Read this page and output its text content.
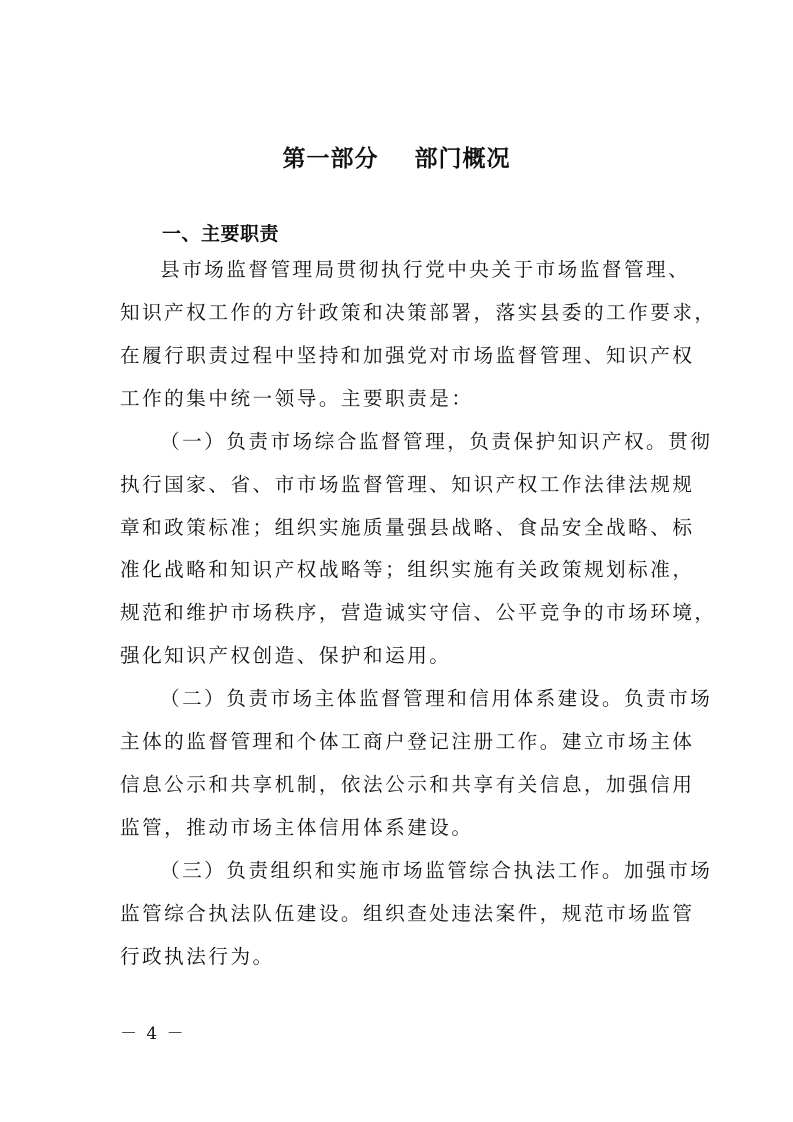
第一部分    部门概况
一、主要职责
县市场监督管理局贯彻执行党中央关于市场监督管理、
知识产权工作的方针政策和决策部署，落实县委的工作要求，
在履行职责过程中坚持和加强党对市场监督管理、知识产权
工作的集中统一领导。主要职责是：
（一）负责市场综合监督管理，负责保护知识产权。贯彻
执行国家、省、市市场监督管理、知识产权工作法律法规规
章和政策标准；组织实施质量强县战略、食品安全战略、标
准化战略和知识产权战略等；组织实施有关政策规划标准，
规范和维护市场秩序，营造诚实守信、公平竞争的市场环境，
强化知识产权创造、保护和运用。
（二）负责市场主体监督管理和信用体系建设。负责市场
主体的监督管理和个体工商户登记注册工作。建立市场主体
信息公示和共享机制，依法公示和共享有关信息，加强信用
监管，推动市场主体信用体系建设。
（三）负责组织和实施市场监管综合执法工作。加强市场
监管综合执法队伍建设。组织查处违法案件，规范市场监管
行政执法行为。
－ 4 －
